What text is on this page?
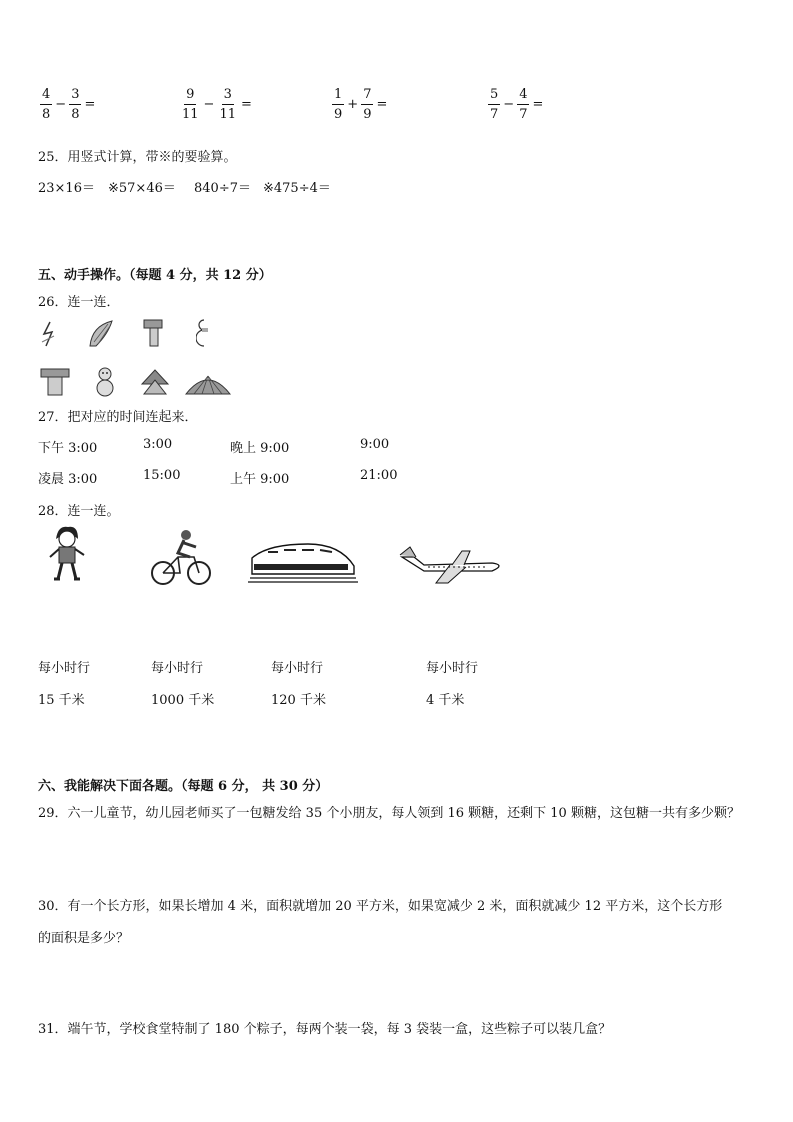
$\frac{4}{8} - \frac{3}{8}$ =	$\frac{9}{11} - \frac{3}{11}$ =	$\frac{1}{9} + \frac{7}{9}$ =	$\frac{5}{7} - \frac{4}{7}$ =
25．用竖式计算，带※的要验算。
23×16＝ ※57×46＝ 840÷7＝ ※475÷4＝
五、动手操作。（每题 4 分，共 12 分）
26．连一连．
27．把对应的时间连起来．
下午 3:00	3:00	晚上 9:00	9:00
凌晨 3:00	15:00	上午 9:00	21:00
28．连一连。
每小时行	每小时行	每小时行	每小时行
15 千米	1000 千米	120 千米	4 千米
六、我能解决下面各题。（每题 6 分， 共 30 分）
29．六一儿童节，幼儿园老师买了一包糖发给 35 个小朋友，每人领到 16 颗糖，还剩下 10 颗糖，这包糖一共有多少颗？
30．有一个长方形，如果长增加 4 米，面积就增加 20 平方米，如果宽减少 2 米，面积就减少 12 平方米，这个长方形
的面积是多少？
31．端午节，学校食堂特制了 180 个粽子，每两个装一袋，每 3 袋装一盒，这些粽子可以装几盒？
